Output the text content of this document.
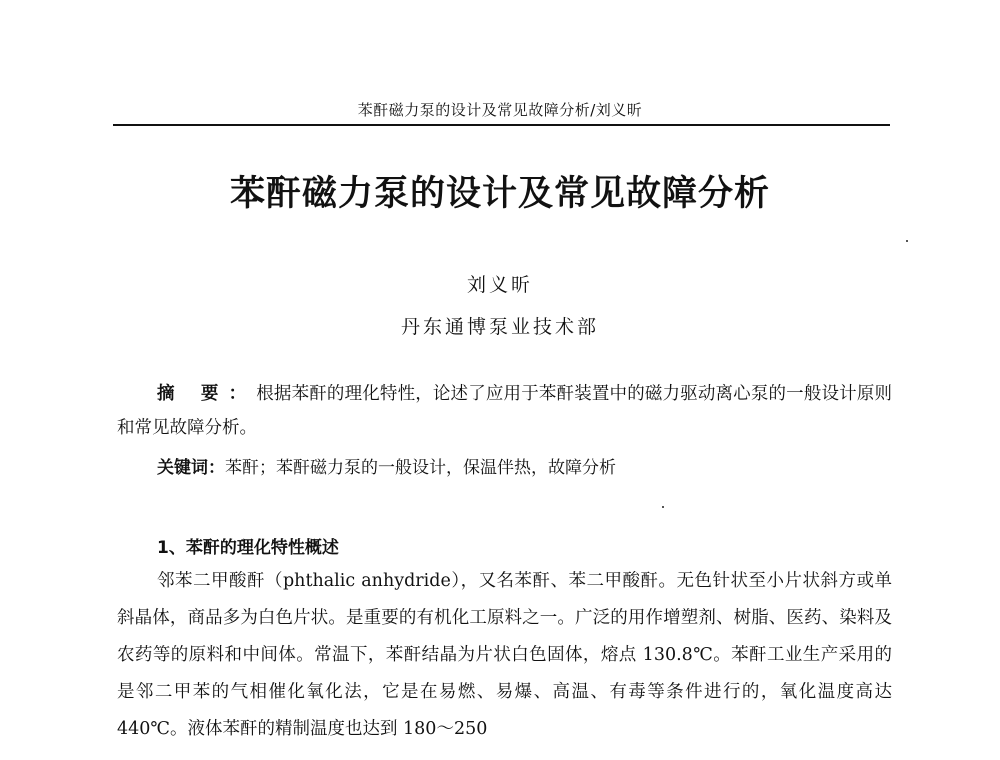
苯酐磁力泵的设计及常见故障分析/刘义昕
苯酐磁力泵的设计及常见故障分析
刘义昕
丹东通博泵业技术部
摘 要：根据苯酐的理化特性，论述了应用于苯酐装置中的磁力驱动离心泵的一般设计原则和常见故障分析。
关键词：苯酐；苯酐磁力泵的一般设计，保温伴热，故障分析
1、苯酐的理化特性概述

邻苯二甲酸酐（phthalic anhydride），又名苯酐、苯二甲酸酐。无色针状至小片状斜方或单斜晶体，商品多为白色片状。是重要的有机化工原料之一。广泛的用作增塑剂、树脂、医药、染料及农药等的原料和中间体。常温下，苯酐结晶为片状白色固体，熔点 130.8℃。苯酐工业生产采用的是邻二甲苯的气相催化氧化法，它是在易燃、易爆、高温、有毒等条件进行的，氧化温度高达 440℃。液体苯酐的精制温度也达到 180～250
